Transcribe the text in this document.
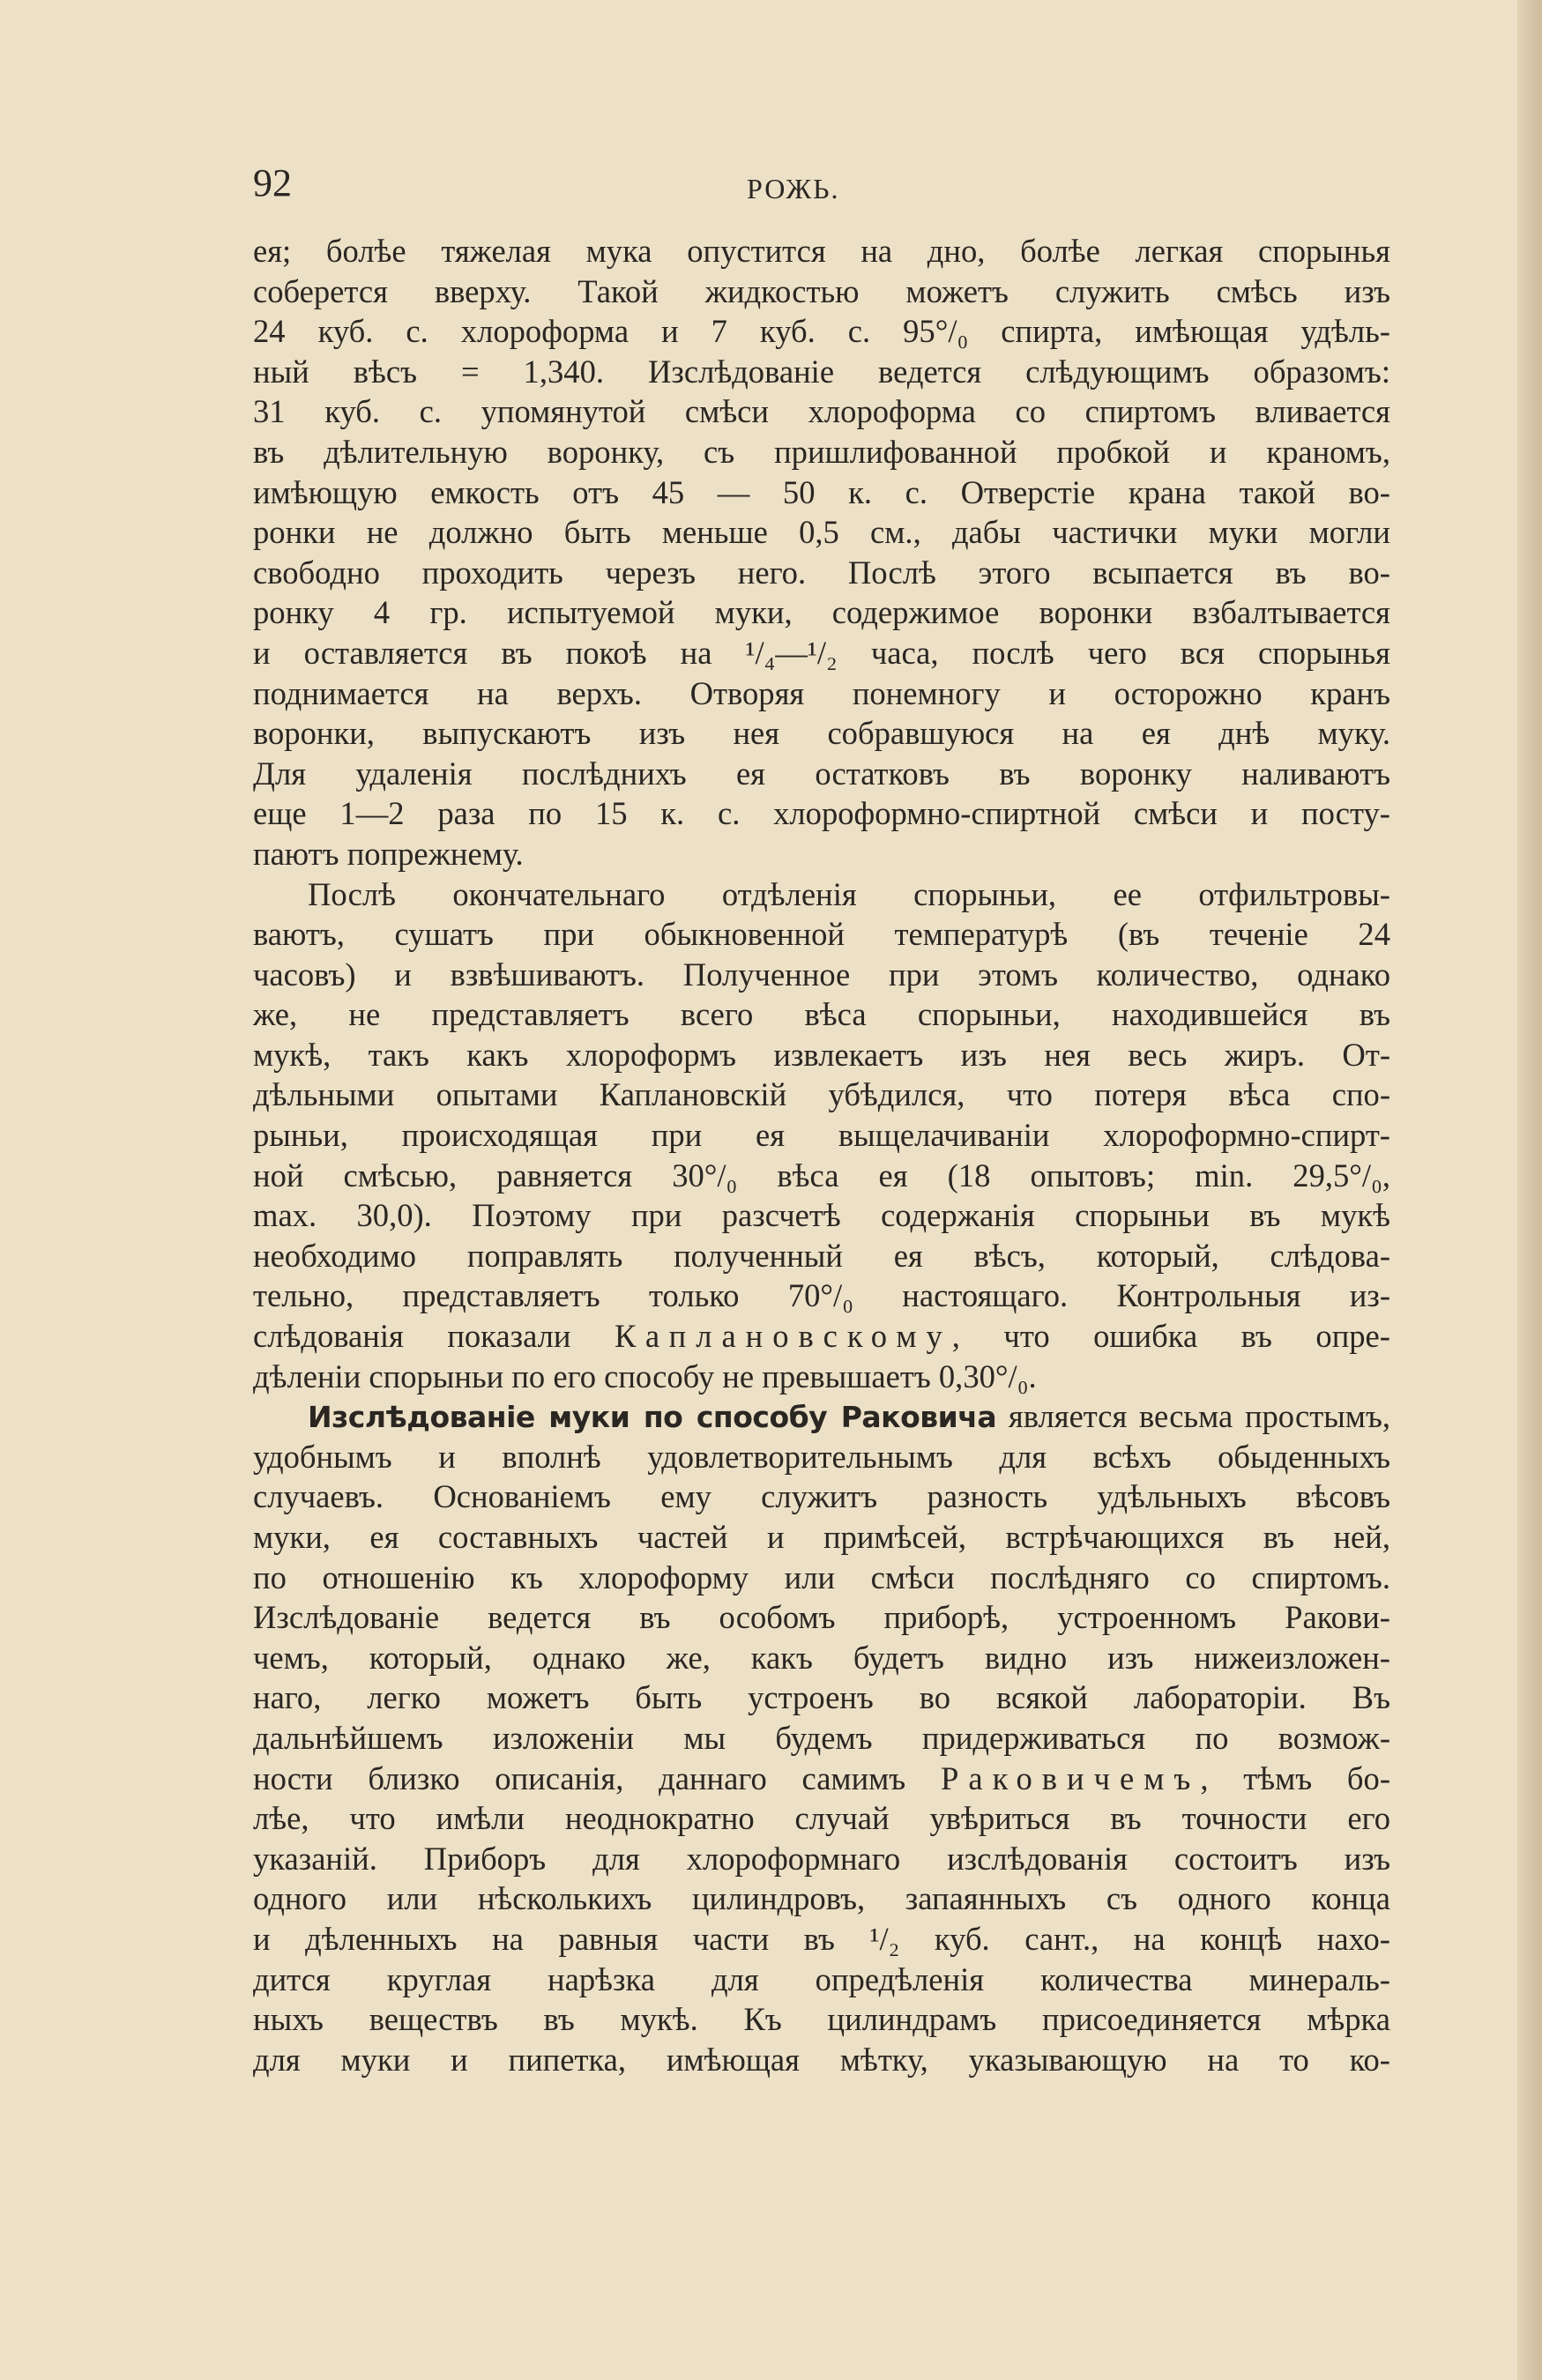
92	РОЖЬ.
ея; болѣе тяжелая мука опустится на дно, болѣе легкая спорынья
соберется вверху. Такой жидкостью можетъ служить смѣсь изъ
24 куб. с. хлороформа и 7 куб. с. 95°/₀ спирта, имѣющая удѣль-
ный вѣсъ = 1,340. Изслѣдованіе ведется слѣдующимъ образомъ:
31 куб. с. упомянутой смѣси хлороформа со спиртомъ вливается
въ дѣлительную воронку, съ пришлифованной пробкой и краномъ,
имѣющую емкость отъ 45 — 50 к. с. Отверстіе крана такой во-
ронки не должно быть меньше 0,5 см., дабы частички муки могли
свободно проходить черезъ него. Послѣ этого всыпается въ во-
ронку 4 гр. испытуемой муки, содержимое воронки взбалтывается
и оставляется въ покоѣ на ¹/₄—¹/₂ часа, послѣ чего вся спорынья
поднимается на верхъ. Отворяя понемногу и осторожно кранъ
воронки, выпускаютъ изъ нея собравшуюся на ея днѣ муку.
Для удаленія послѣднихъ ея остатковъ въ воронку наливаютъ
еще 1—2 раза по 15 к. с. хлороформно-спиртной смѣси и посту-
паютъ попрежнему.
Послѣ окончательнаго отдѣленія спорыньи, ее отфильтровы-
ваютъ, сушатъ при обыкновенной температурѣ (въ теченіе 24
часовъ) и взвѣшиваютъ. Полученное при этомъ количество, однако
же, не представляетъ всего вѣса спорыньи, находившейся въ
мукѣ, такъ какъ хлороформъ извлекаетъ изъ нея весь жиръ. От-
дѣльными опытами Каплановскій убѣдился, что потеря вѣса спо-
рыньи, происходящая при ея выщелачиваніи хлороформно-спирт-
ной смѣсью, равняется 30°/₀ вѣса ея (18 опытовъ; min. 29,5°/₀,
max. 30,0). Поэтому при разсчетѣ содержанія спорыньи въ мукѣ
необходимо поправлять полученный ея вѣсъ, который, слѣдова-
тельно, представляетъ только 70°/₀ настоящаго. Контрольныя из-
слѣдованія показали Каплановскому, что ошибка въ опре-
дѣленіи спорыньи по его способу не превышаетъ 0,30°/₀.
Изслѣдованіе муки по способу Раковича является весьма простымъ,
удобнымъ и вполнѣ удовлетворительнымъ для всѣхъ обыденныхъ
случаевъ. Основаніемъ ему служитъ разность удѣльныхъ вѣсовъ
муки, ея составныхъ частей и примѣсей, встрѣчающихся въ ней,
по отношенію къ хлороформу или смѣси послѣдняго со спиртомъ.
Изслѣдованіе ведется въ особомъ приборѣ, устроенномъ Ракови-
чемъ, который, однако же, какъ будетъ видно изъ нижеизложен-
наго, легко можетъ быть устроенъ во всякой лабораторіи. Въ
дальнѣйшемъ изложеніи мы будемъ придерживаться по возмож-
ности близко описанія, даннаго самимъ Раковичемъ, тѣмъ бо-
лѣе, что имѣли неоднократно случай увѣриться въ точности его
указаній. Приборъ для хлороформнаго изслѣдованія состоитъ изъ
одного или нѣсколькихъ цилиндровъ, запаянныхъ съ одного конца
и дѣленныхъ на равныя части въ ¹/₂ куб. сант., на концѣ нахо-
дится круглая нарѣзка для опредѣленія количества минераль-
ныхъ веществъ въ мукѣ. Къ цилиндрамъ присоединяется мѣрка
для муки и пипетка, имѣющая мѣтку, указывающую на то ко-
